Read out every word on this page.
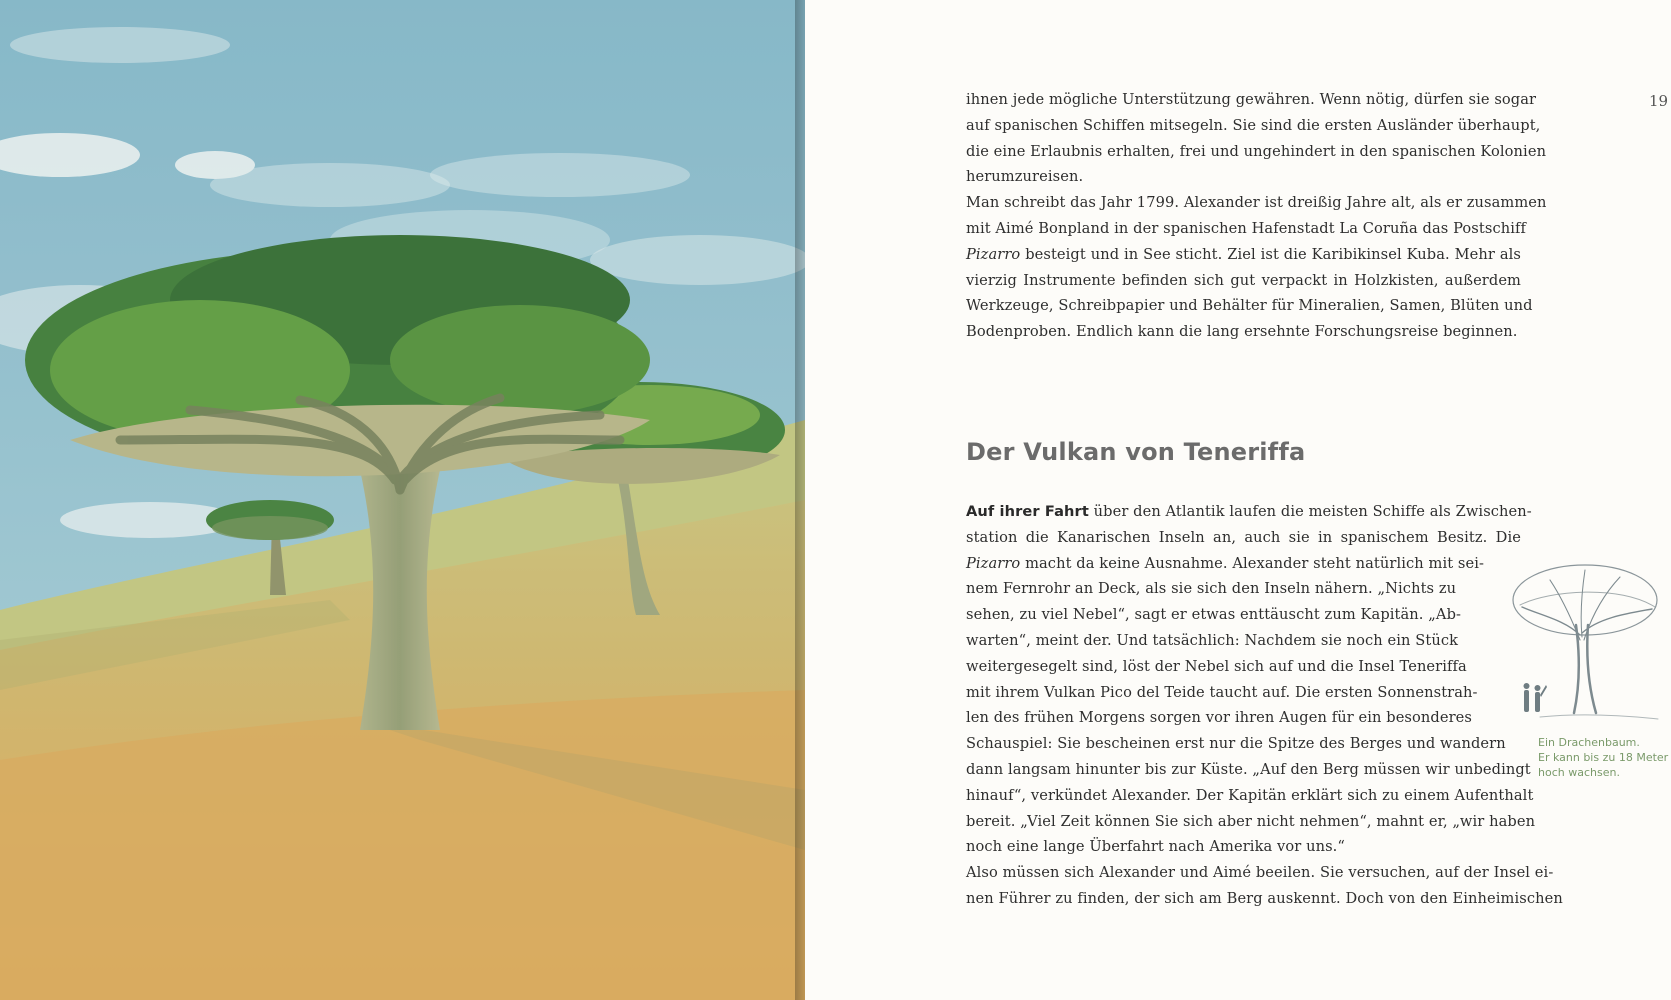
19
ihnen jede mögliche Unterstützung gewähren. Wenn nötig, dürfen sie sogar
auf spanischen Schiffen mitsegeln. Sie sind die ersten Ausländer überhaupt,
die eine Erlaubnis erhalten, frei und ungehindert in den spanischen Kolonien
herumzureisen.
Man schreibt das Jahr 1799. Alexander ist dreißig Jahre alt, als er zusammen
mit Aimé Bonpland in der spanischen Hafenstadt La Coruña das Postschiff
Pizarro besteigt und in See sticht. Ziel ist die Karibikinsel Kuba. Mehr als
vierzig Instrumente befinden sich gut verpackt in Holzkisten, außerdem
Werkzeuge, Schreibpapier und Behälter für Mineralien, Samen, Blüten und
Bodenproben. Endlich kann die lang ersehnte Forschungsreise beginnen.
Der Vulkan von Teneriffa
Auf ihrer Fahrt über den Atlantik laufen die meisten Schiffe als Zwischen-
station die Kanarischen Inseln an, auch sie in spanischem Besitz. Die
Pizarro macht da keine Ausnahme. Alexander steht natürlich mit sei-
nem Fernrohr an Deck, als sie sich den Inseln nähern. „Nichts zu
sehen, zu viel Nebel“, sagt er etwas enttäuscht zum Kapitän. „Ab-
warten“, meint der. Und tatsächlich: Nachdem sie noch ein Stück
weitergesegelt sind, löst der Nebel sich auf und die Insel Teneriffa
mit ihrem Vulkan Pico del Teide taucht auf. Die ersten Sonnenstrah-
len des frühen Morgens sorgen vor ihren Augen für ein besonderes
Schauspiel: Sie bescheinen erst nur die Spitze des Berges und wandern
dann langsam hinunter bis zur Küste. „Auf den Berg müssen wir unbedingt
hinauf“, verkündet Alexander. Der Kapitän erklärt sich zu einem Aufenthalt
bereit. „Viel Zeit können Sie sich aber nicht nehmen“, mahnt er, „wir haben
noch eine lange Überfahrt nach Amerika vor uns.“
Also müssen sich Alexander und Aimé beeilen. Sie versuchen, auf der Insel ei-
nen Führer zu finden, der sich am Berg auskennt. Doch von den Einheimischen
Ein Drachenbaum.
Er kann bis zu 18 Meter
hoch wachsen.
